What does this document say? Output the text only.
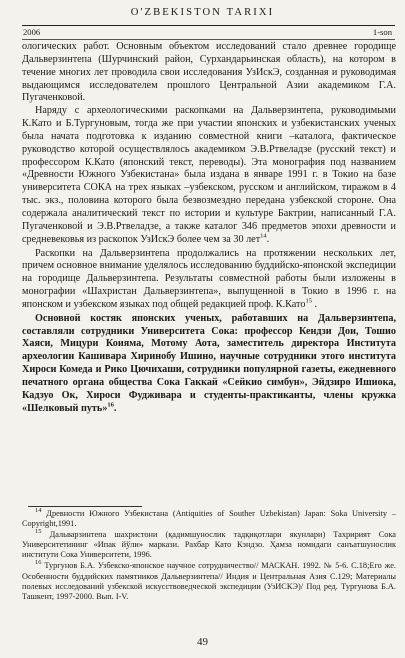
O'ZBEKISTON TARIXI
2006	1-son

ологических работ. Основным объектом исследований стало древнее городище Дальверзинтепа (Шурчинский район, Сурхандарьинская область), на котором в течение многих лет проводила свои исследования УзИскЭ, созданная и руководимая выдающимся исследователем прошлого Центральной Азии академиком Г.А. Пугаченковой.

Наряду с археологическими раскопками на Дальверзинтепа, руководимыми К.Като и Б.Тургуновым, тогда же при участии японских и узбекистанских ученых была начата подготовка к изданию совместной книги –каталога, фактическое руководство которой осуществлялось академиком Э.В.Ртвеладзе (русский текст) и профессором К.Като (японский текст, переводы). Эта монография под названием «Древности Южного Узбекистана» была издана в январе 1991 г. в Токио на базе университета СОКА на трех языках –узбекском, русском и английском, тиражом в 4 тыс. экз., половина которого была безвозмездно передана узбекской стороне. Она содержала аналитический текст по истории и культуре Бактрии, написанный Г.А. Пугаченковой и Э.В.Ртвеладзе, а также каталог 346 предметов эпохи древности и средневековья из раскопок УзИскЭ более чем за 30 лет$^{14}$.

Раскопки на Дальверзинтепа продолжались на протяжении нескольких лет, причем основное внимание уделялось исследованию буддийско-японской экспедиции на городище Дальверзинтепа. Результаты совместной работы были изложены в монографии «Шахристан Дальверзинтепа», выпущенной в Токио в 1996 г. на японском и узбекском языках под общей редакцией проф. К.Като$^{15}$ .

Основной костяк японских ученых, работавших на Дальверзинтепа, составляли сотрудники Университета Сока: профессор Кендзи Дои, Тошио Хаяси, Мицури Коияма, Мотому Аота, заместитель директора Института археологии Кашивара Хиринобу Ишино, научные сотрудники этого института Хироси Комеда и Рико Цючихаши, сотрудники популярной газеты, ежедневного печатного органа общества Сока Гаккай «Сейкио симбун», Эйдзиро Ишиока, Кадзуо Ок, Хироси Фудживара и студенты-практиканты, члены кружка «Шелковый путь»$^{16}$.

$^{14}$ Древности Южного Узбекистана (Antiquities of Souther Uzbekistan) Japan: Soka University – Copyright,1991.

$^{15}$ Дальварзинтепа шахристони (қадимшунослик тадқиқотлари якунлари) Тахририят Сока Университетининг «Ипак йўли» маркази. Рахбар Като Кэндзо. Ҳамза номидаги санъатшунослик институти Сока Университети, 1996.

$^{16}$ Тургунов Б.А. Узбекско-японское научное сотрудничество// МАСКАН. 1992. № 5-6. С.18;Его же. Особенности буддийских памятников Дальверзинтепа// Индия и Центральная Азия С.129; Материалы полевых исследований узбекской искусствоведческой экспедиции (УзИСКЭ)/ Под ред. Тургунова Б.А. Ташкент, 1997-2000. Вып. I-V.

49
